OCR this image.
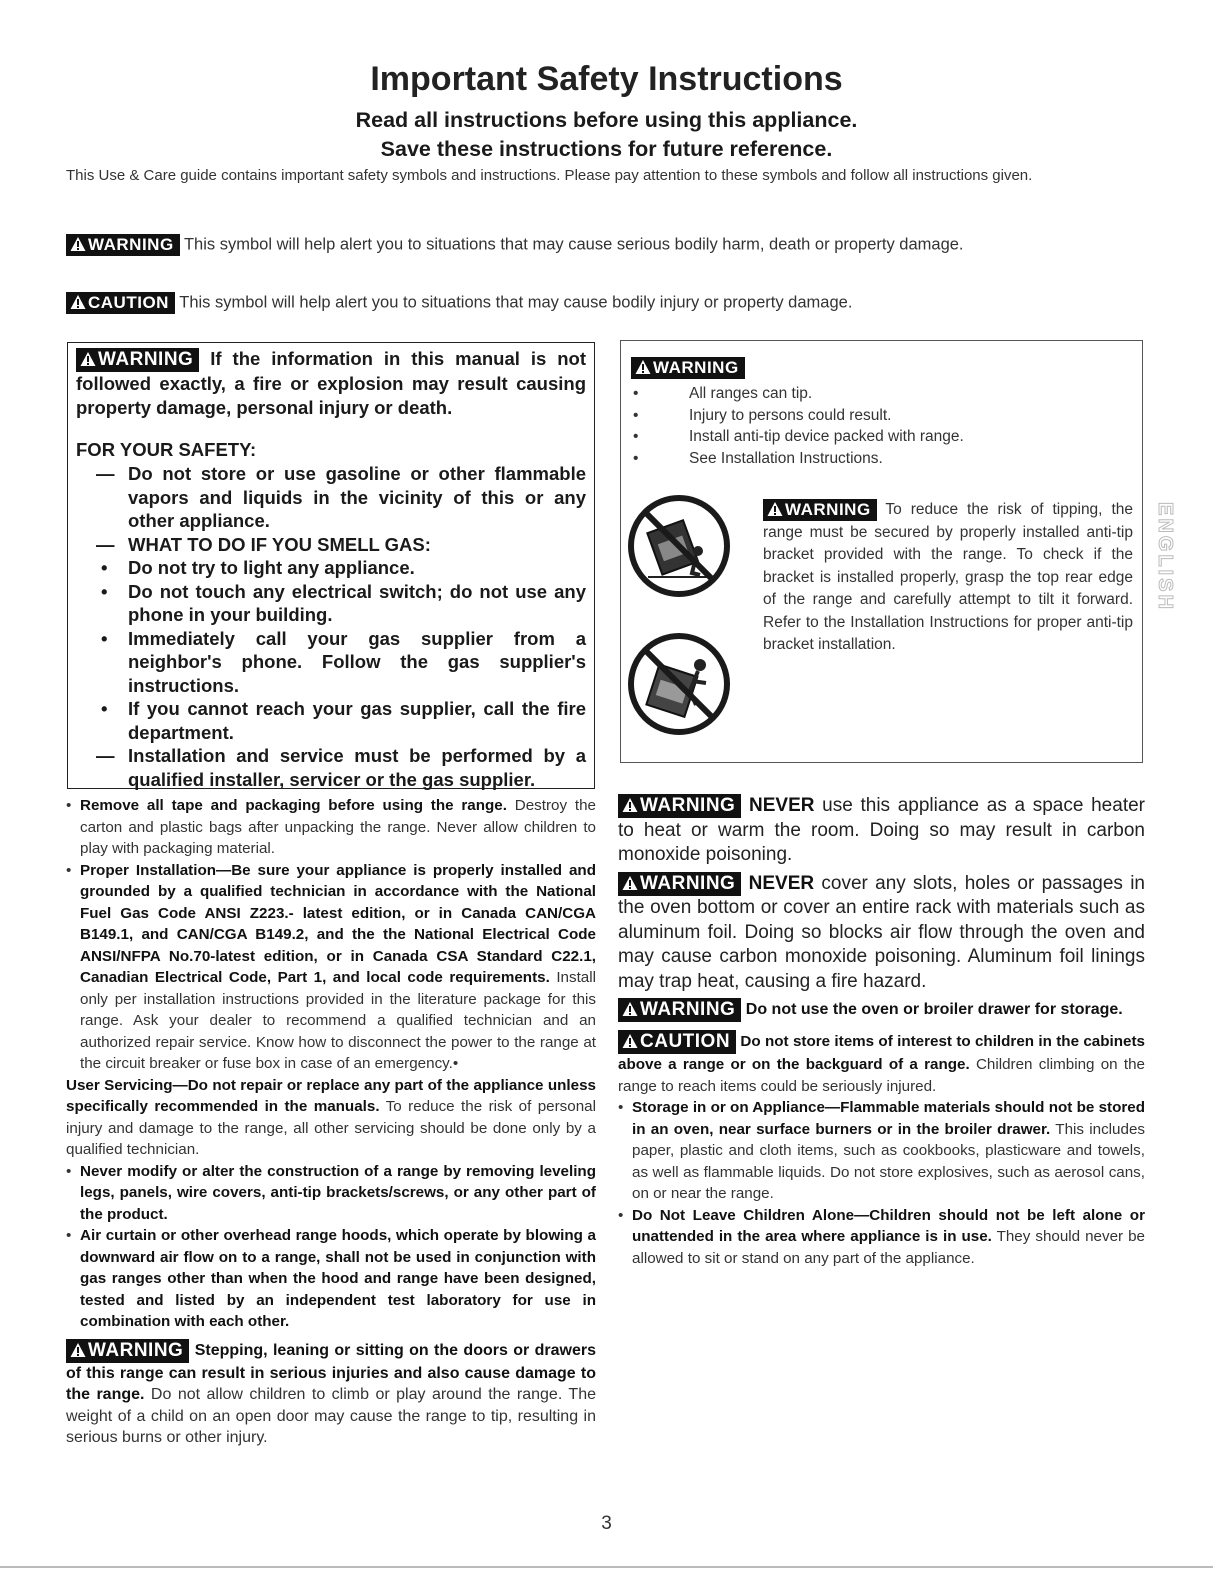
Important Safety Instructions
Read all instructions before using this appliance.
Save these instructions for future reference.
This Use & Care guide contains important safety symbols and instructions. Please pay attention to these symbols and follow all instructions given.
WARNING This symbol will help alert you to situations that may cause serious bodily harm, death or property damage.
CAUTION This symbol will help alert you to situations that may cause bodily injury or property damage.
WARNING If the information in this manual is not followed exactly, a fire or explosion may result causing property damage, personal injury or death.
FOR YOUR SAFETY:
— Do not store or use gasoline or other flammable vapors and liquids in the vicinity of this or any other appliance.
— WHAT TO DO IF YOU SMELL GAS:
• Do not try to light any appliance.
• Do not touch any electrical switch; do not use any phone in your building.
• Immediately call your gas supplier from a neighbor's phone. Follow the gas supplier's instructions.
• If you cannot reach your gas supplier, call the fire department.
— Installation and service must be performed by a qualified installer, servicer or the gas supplier.
WARNING
• All ranges can tip.
• Injury to persons could result.
• Install anti-tip device packed with range.
• See Installation Instructions.
WARNING To reduce the risk of tipping, the range must be secured by properly installed anti-tip bracket provided with the range. To check if the bracket is installed properly, grasp the top rear edge of the range and carefully attempt to tilt it forward. Refer to the Installation Instructions for proper anti-tip bracket installation.
ENGLISH
• Remove all tape and packaging before using the range. Destroy the carton and plastic bags after unpacking the range. Never allow children to play with packaging material.
• Proper Installation—Be sure your appliance is properly installed and grounded by a qualified technician in accordance with the National Fuel Gas Code ANSI Z223.- latest edition, or in Canada CAN/CGA B149.1, and CAN/CGA B149.2, and the the National Electrical Code ANSI/NFPA No.70-latest edition, or in Canada CSA Standard C22.1, Canadian Electrical Code, Part 1, and local code requirements. Install only per installation instructions provided in the literature package for this range. Ask your dealer to recommend a qualified technician and an authorized repair service. Know how to disconnect the power to the range at the circuit breaker or fuse box in case of an emergency.•
User Servicing—Do not repair or replace any part of the appliance unless specifically recommended in the manuals. To reduce the risk of personal injury and damage to the range, all other servicing should be done only by a qualified technician.
• Never modify or alter the construction of a range by removing leveling legs, panels, wire covers, anti-tip brackets/screws, or any other part of the product.
• Air curtain or other overhead range hoods, which operate by blowing a downward air flow on to a range, shall not be used in conjunction with gas ranges other than when the hood and range have been designed, tested and listed by an independent test laboratory for use in combination with each other.
WARNING Stepping, leaning or sitting on the doors or drawers of this range can result in serious injuries and also cause damage to the range. Do not allow children to climb or play around the range. The weight of a child on an open door may cause the range to tip, resulting in serious burns or other injury.
WARNING NEVER use this appliance as a space heater to heat or warm the room. Doing so may result in carbon monoxide poisoning.
WARNING NEVER cover any slots, holes or passages in the oven bottom or cover an entire rack with materials such as aluminum foil. Doing so blocks air flow through the oven and may cause carbon monoxide poisoning. Aluminum foil linings may trap heat, causing a fire hazard.
WARNING Do not use the oven or broiler drawer for storage.
CAUTION Do not store items of interest to children in the cabinets above a range or on the backguard of a range. Children climbing on the range to reach items could be seriously injured.
• Storage in or on Appliance—Flammable materials should not be stored in an oven, near surface burners or in the broiler drawer. This includes paper, plastic and cloth items, such as cookbooks, plasticware and towels, as well as flammable liquids. Do not store explosives, such as aerosol cans, on or near the range.
• Do Not Leave Children Alone—Children should not be left alone or unattended in the area where appliance is in use. They should never be allowed to sit or stand on any part of the appliance.
3
